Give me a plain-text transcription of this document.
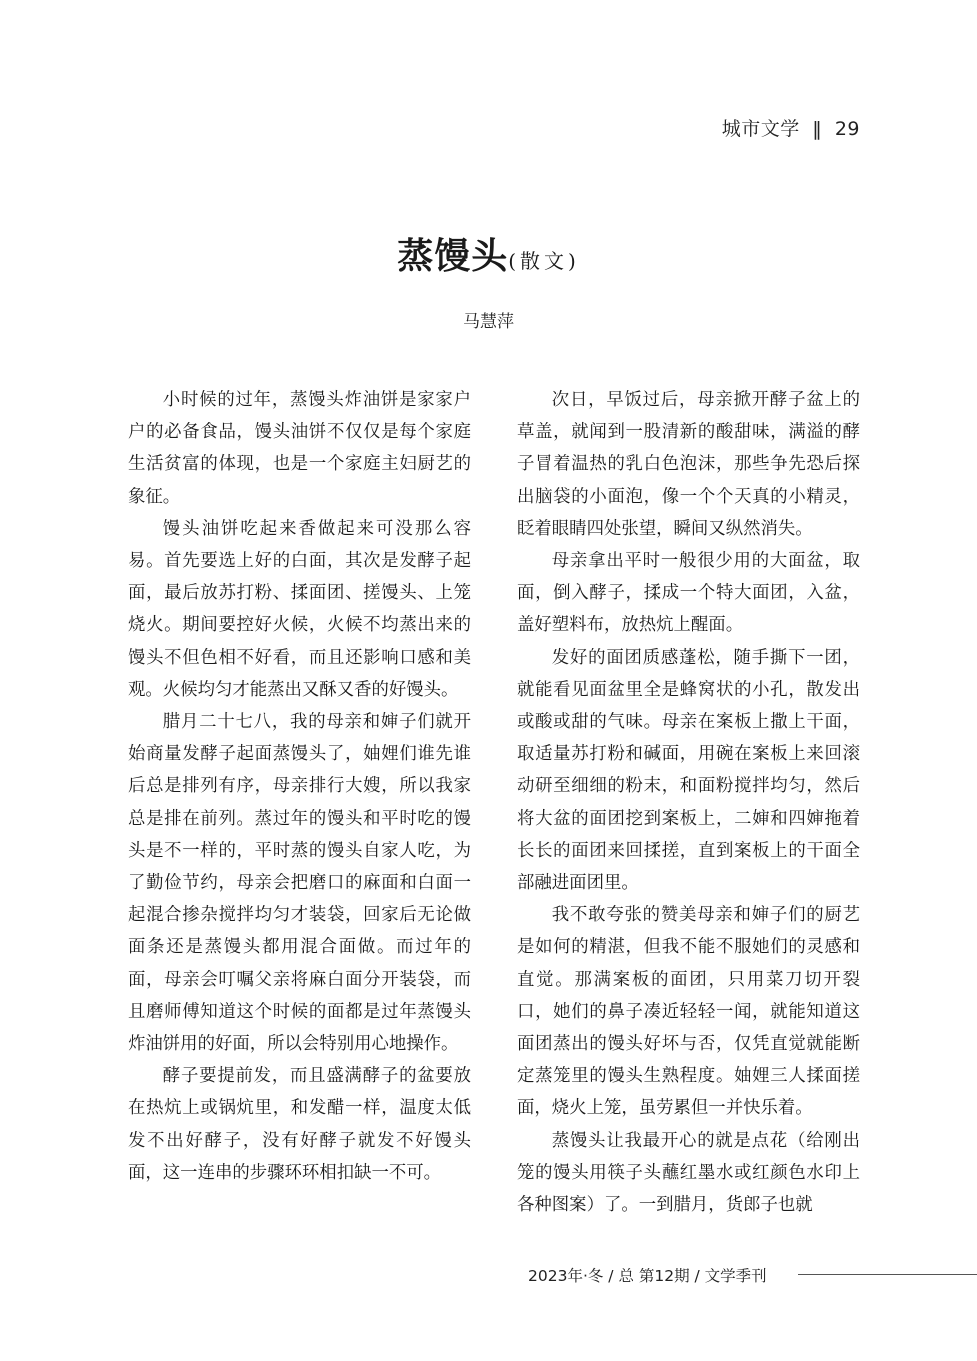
城市文学 ‖ 29
蒸馒头(散文)
马慧萍

小时候的过年，蒸馒头炸油饼是家家户户的必备食品，馒头油饼不仅仅是每个家庭生活贫富的体现，也是一个家庭主妇厨艺的象征。

馒头油饼吃起来香做起来可没那么容易。首先要选上好的白面，其次是发酵子起面，最后放苏打粉、揉面团、搓馒头、上笼烧火。期间要控好火候，火候不均蒸出来的馒头不但色相不好看，而且还影响口感和美观。火候均匀才能蒸出又酥又香的好馒头。

腊月二十七八，我的母亲和婶子们就开始商量发酵子起面蒸馒头了，妯娌们谁先谁后总是排列有序，母亲排行大嫂，所以我家总是排在前列。蒸过年的馒头和平时吃的馒头是不一样的，平时蒸的馒头自家人吃，为了勤俭节约，母亲会把磨口的麻面和白面一起混合掺杂搅拌均匀才装袋，回家后无论做面条还是蒸馒头都用混合面做。而过年的面，母亲会叮嘱父亲将麻白面分开装袋，而且磨师傅知道这个时候的面都是过年蒸馒头炸油饼用的好面，所以会特别用心地操作。

酵子要提前发，而且盛满酵子的盆要放在热炕上或锅炕里，和发醋一样，温度太低发不出好酵子，没有好酵子就发不好馒头面，这一连串的步骤环环相扣缺一不可。

次日，早饭过后，母亲掀开酵子盆上的草盖，就闻到一股清新的酸甜味，满溢的酵子冒着温热的乳白色泡沫，那些争先恐后探出脑袋的小面泡，像一个个天真的小精灵，眨着眼睛四处张望，瞬间又纵然消失。

母亲拿出平时一般很少用的大面盆，取面，倒入酵子，揉成一个特大面团，入盆，盖好塑料布，放热炕上醒面。

发好的面团质感蓬松，随手撕下一团，就能看见面盆里全是蜂窝状的小孔，散发出或酸或甜的气味。母亲在案板上撒上干面，取适量苏打粉和碱面，用碗在案板上来回滚动研至细细的粉末，和面粉搅拌均匀，然后将大盆的面团挖到案板上，二婶和四婶拖着长长的面团来回揉搓，直到案板上的干面全部融进面团里。

我不敢夸张的赞美母亲和婶子们的厨艺是如何的精湛，但我不能不服她们的灵感和直觉。那满案板的面团，只用菜刀切开裂口，她们的鼻子凑近轻轻一闻，就能知道这面团蒸出的馒头好坏与否，仅凭直觉就能断定蒸笼里的馒头生熟程度。妯娌三人揉面搓面，烧火上笼，虽劳累但一并快乐着。

蒸馒头让我最开心的就是点花（给刚出笼的馒头用筷子头蘸红墨水或红颜色水印上各种图案）了。一到腊月，货郎子也就

2023年·冬 / 总 第12期 / 文学季刊
